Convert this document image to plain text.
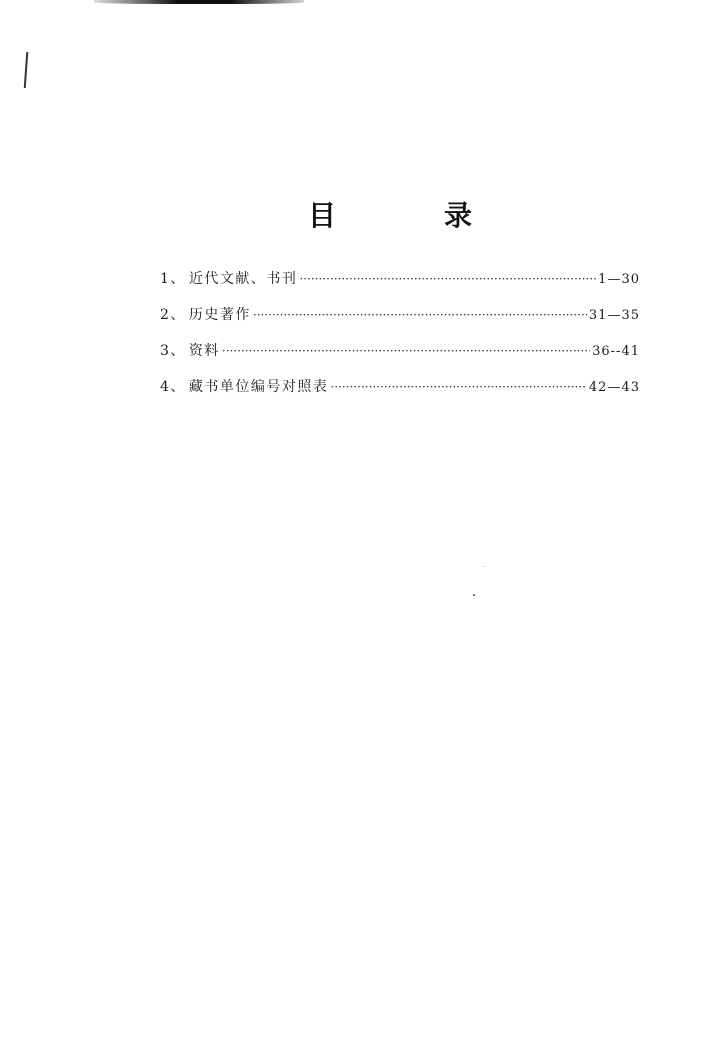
目	录
1 、 近代文献、书刊 ·····	1—30
2 、 历史著作 ·····	31—35
3 、 资料 ·····	36--41
4 、 藏书单位编号对照表 ·····	42—43
